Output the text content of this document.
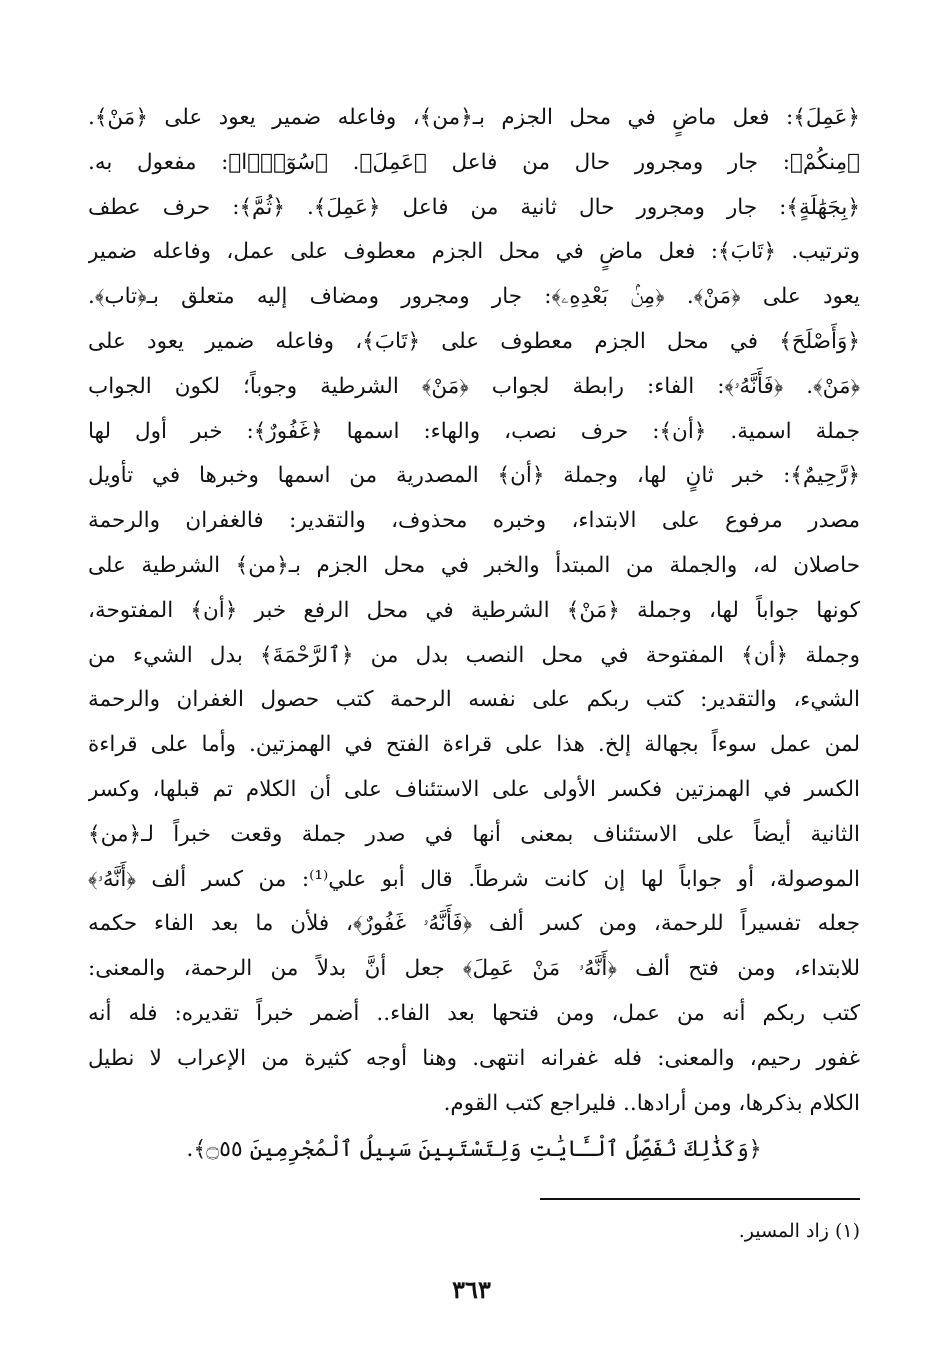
﴿عَمِلَ﴾: فعل ماضٍ في محل الجزم بـ﴿من﴾، وفاعله ضمير يعود على ﴿مَنْ﴾.
﴿مِنكُمْ﴾: جار ومجرور حال من فاعل ﴿عَمِلَ﴾. ﴿سُوٓءًۢا﴾: مفعول به.
﴿بِجَهَٰلَةٍ﴾: جار ومجرور حال ثانية من فاعل ﴿عَمِلَ﴾. ﴿ثُمَّ﴾: حرف عطف
وترتيب. ﴿تَابَ﴾: فعل ماضٍ في محل الجزم معطوف على عمل، وفاعله ضمير
يعود على ﴿مَنْ﴾. ﴿مِنۢ بَعْدِهِۦ﴾: جار ومجرور ومضاف إليه متعلق بـ﴿تاب﴾.
﴿وَأَصْلَحَ﴾ في محل الجزم معطوف على ﴿تَابَ﴾، وفاعله ضمير يعود على
﴿مَنْ﴾. ﴿فَأَنَّهُۥ﴾: الفاء: رابطة لجواب ﴿مَنْ﴾ الشرطية وجوباً؛ لكون الجواب
جملة اسمية. ﴿أن﴾: حرف نصب، والهاء: اسمها ﴿غَفُورٌ﴾: خبر أول لها
﴿رَّحِيمٌ﴾: خبر ثانٍ لها، وجملة ﴿أن﴾ المصدرية من اسمها وخبرها في تأويل
مصدر مرفوع على الابتداء، وخبره محذوف، والتقدير: فالغفران والرحمة
حاصلان له، والجملة من المبتدأ والخبر في محل الجزم بـ﴿من﴾ الشرطية على
كونها جواباً لها، وجملة ﴿مَنْ﴾ الشرطية في محل الرفع خبر ﴿أن﴾ المفتوحة،
وجملة ﴿أن﴾ المفتوحة في محل النصب بدل من ﴿ٱلرَّحْمَةَ﴾ بدل الشيء من
الشيء، والتقدير: كتب ربكم على نفسه الرحمة كتب حصول الغفران والرحمة
لمن عمل سوءاً بجهالة إلخ. هذا على قراءة الفتح في الهمزتين. وأما على قراءة
الكسر في الهمزتين فكسر الأولى على الاستئناف على أن الكلام تم قبلها، وكسر
الثانية أيضاً على الاستئناف بمعنى أنها في صدر جملة وقعت خبراً لـ﴿من﴾
الموصولة، أو جواباً لها إن كانت شرطاً. قال أبو علي⁽¹⁾: من كسر ألف ﴿أَنَّهُۥ﴾
جعله تفسيراً للرحمة، ومن كسر ألف ﴿فَأَنَّهُۥ غَفُورٌ﴾، فلأن ما بعد الفاء حكمه
للابتداء، ومن فتح ألف ﴿أَنَّهُۥ مَنْ عَمِلَ﴾ جعل أنَّ بدلاً من الرحمة، والمعنى:
كتب ربكم أنه من عمل، ومن فتحها بعد الفاء.. أضمر خبراً تقديره: فله أنه
غفور رحيم، والمعنى: فله غفرانه انتهى. وهنا أوجه كثيرة من الإعراب لا نطيل
الكلام بذكرها، ومن أرادها.. فليراجع كتب القوم.
﴿وَكَذَٰلِكَ نُفَصِّلُ ٱلْـَٔايَٰتِ وَلِتَسْتَبِينَ سَبِيلُ ٱلْمُجْرِمِينَ ۝٥٥﴾.
(١) زاد المسير.
٣٦٣
